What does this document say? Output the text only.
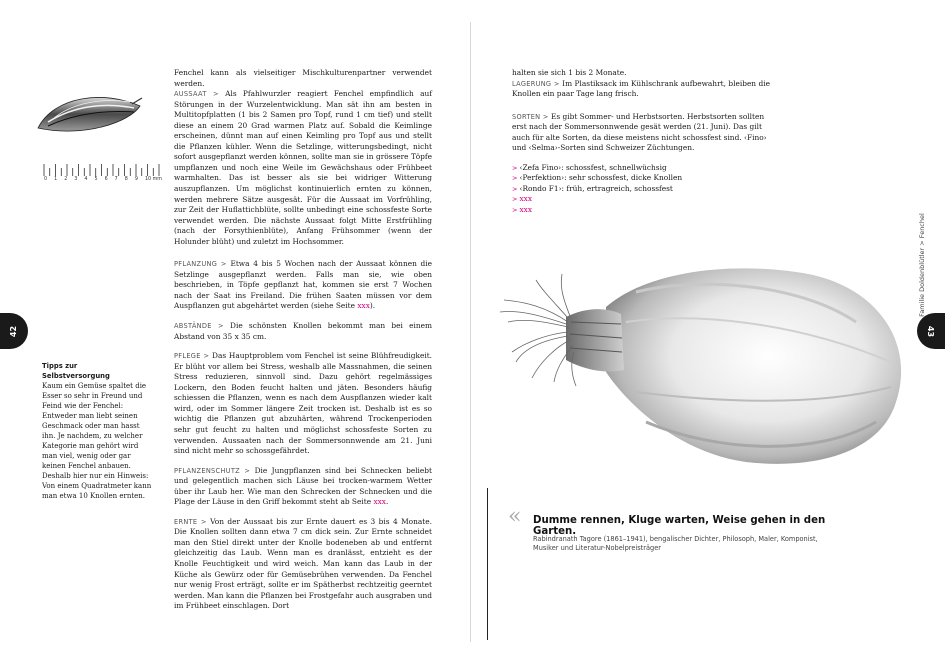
0 1 2 3 4 5 6 7 8 9 10 mm
42
Tipps zur
Selbstversorgung
Kaum ein Gemüse spaltet die Esser so sehr in Freund und Feind wie der Fenchel: Entweder man liebt seinen Geschmack oder man hasst ihn. Je nachdem, zu welcher Kategorie man gehört wird man viel, wenig oder gar keinen Fenchel anbauen. Deshalb hier nur ein Hinweis: Von einem Quadratmeter kann man etwa 10 Knollen ernten.

Fenchel kann als vielseitiger Mischkulturenpartner verwendet werden.
AUSSAAT > Als Pfahlwurzler reagiert Fenchel empfindlich auf Störungen in der Wurzelentwicklung. Man sät ihn am besten in Multitopfplatten (1 bis 2 Samen pro Topf, rund 1 cm tief) und stellt diese an einem 20 Grad warmen Platz auf. Sobald die Keimlinge erscheinen, dünnt man auf einen Keimling pro Topf aus und stellt die Pflanzen kühler. Wenn die Setzlinge, witterungsbedingt, nicht sofort ausgepflanzt werden können, sollte man sie in grössere Töpfe umpflanzen und noch eine Weile im Gewächshaus oder Frühbeet warmhalten. Das ist besser als sie bei widriger Witterung auszupflanzen. Um möglichst kontinuierlich ernten zu können, werden mehrere Sätze ausgesät. Für die Aussaat im Vorfrühling, zur Zeit der Huflattichblüte, sollte unbedingt eine schossfeste Sorte verwendet werden. Die nächste Aussaat folgt Mitte Erstfrühling (nach der Forsythienblüte), Anfang Frühsommer (wenn der Holunder blüht) und zuletzt im Hochsommer.

PFLANZUNG > Etwa 4 bis 5 Wochen nach der Aussaat können die Setzlinge ausgepflanzt werden. Falls man sie, wie oben beschrieben, in Töpfe gepflanzt hat, kommen sie erst 7 Wochen nach der Saat ins Freiland. Die frühen Saaten müssen vor dem Auspflanzen gut abgehärtet werden (siehe Seite xxx).

ABSTÄNDE > Die schönsten Knollen bekommt man bei einem Abstand von 35 x 35 cm.

PFLEGE > Das Hauptproblem vom Fenchel ist seine Blühfreudigkeit. Er blüht vor allem bei Stress, weshalb alle Massnahmen, die seinen Stress reduzieren, sinnvoll sind. Dazu gehört regelmässiges Lockern, den Boden feucht halten und jäten. Besonders häufig schiessen die Pflanzen, wenn es nach dem Auspflanzen wieder kalt wird, oder im Sommer längere Zeit trocken ist. Deshalb ist es so wichtig die Pflanzen gut abzuhärten, während Trockenperioden sehr gut feucht zu halten und möglichst schossfeste Sorten zu verwenden. Aussaaten nach der Sommersonnwende am 21. Juni sind nicht mehr so schossgefährdet.

PFLANZENSCHUTZ > Die Jungpflanzen sind bei Schnecken beliebt und gelegentlich machen sich Läuse bei trocken-warmem Wetter über ihr Laub her. Wie man den Schrecken der Schnecken und die Plage der Läuse in den Griff bekommt steht ab Seite xxx.

ERNTE > Von der Aussaat bis zur Ernte dauert es 3 bis 4 Monate. Die Knollen sollten dann etwa 7 cm dick sein. Zur Ernte schneidet man den Stiel direkt unter der Knolle bodeneben ab und entfernt gleichzeitig das Laub. Wenn man es dranlässt, entzieht es der Knolle Feuchtigkeit und wird weich. Man kann das Laub in der Küche als Gewürz oder für Gemüsebrühen verwenden. Da Fenchel nur wenig Frost erträgt, sollte er im Spätherbst rechtzeitig geerntet werden. Man kann die Pflanzen bei Frostgefahr auch ausgraben und im Frühbeet einschlagen. Dort

halten sie sich 1 bis 2 Monate.
LAGERUNG > Im Plastiksack im Kühlschrank aufbewahrt, bleiben die Knollen ein paar Tage lang frisch.

SORTEN > Es gibt Sommer- und Herbstsorten. Herbstsorten sollten erst nach der Sommersonnwende gesät werden (21. Juni). Das gilt auch für alte Sorten, da diese meistens nicht schossfest sind. ‹Fino› und ‹Selma›-Sorten sind Schweizer Züchtungen.

> ‹Zefa Fino›: schossfest, schnellwüchsig
> ‹Perfektion›: sehr schossfest, dicke Knollen
> ‹Rondo F1›: früh, ertragreich, schossfest
> xxx
> xxx
Familie Doldenblütler > Fenchel
43
« Dumme rennen, Kluge warten, Weise gehen in den Garten.
Rabindranath Tagore (1861–1941), bengalischer Dichter, Philosoph, Maler, Komponist, Musiker und Literatur-Nobelpreisträger
